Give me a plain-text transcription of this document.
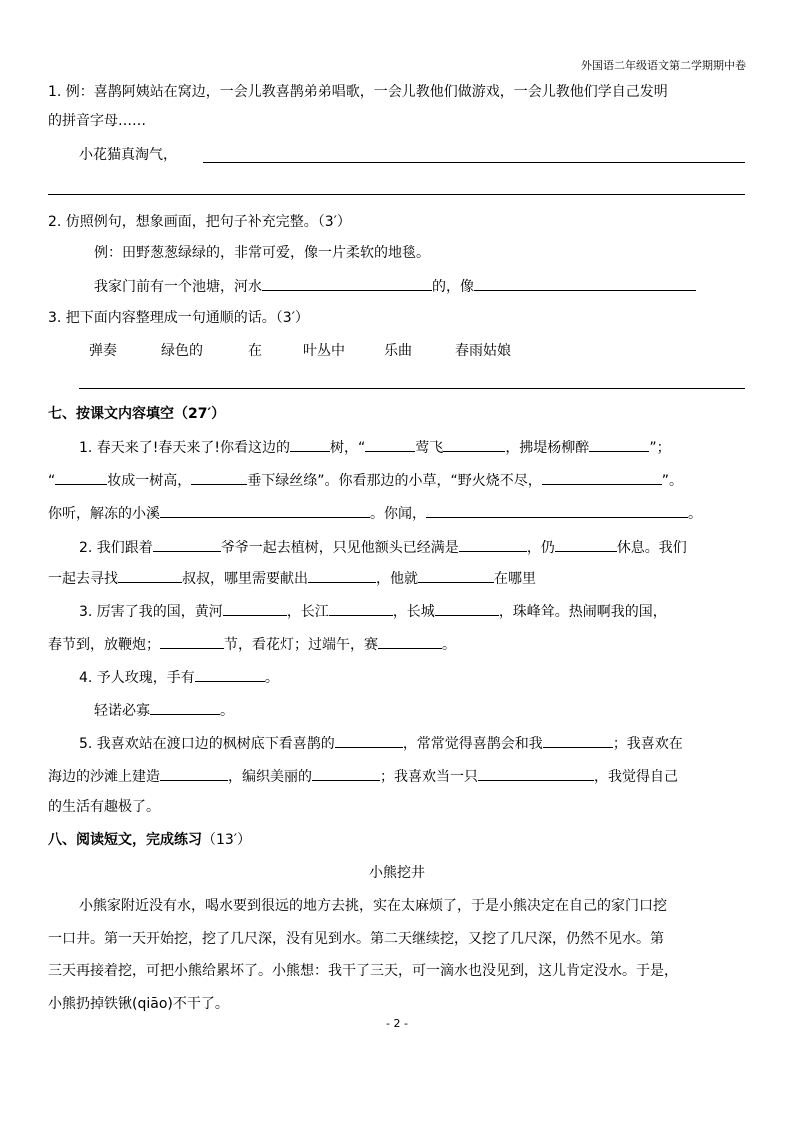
外国语二年级语文第二学期期中卷
1. 例：喜鹊阿姨站在窝边，一会儿教喜鹊弟弟唱歌，一会儿教他们做游戏，一会儿教他们学自己发明
的拼音字母……
小花猫真淘气，
2. 仿照例句，想象画面，把句子补充完整。（3′）
例：田野葱葱绿绿的，非常可爱，像一片柔软的地毯。
我家门前有一个池塘，河水	的，像
3. 把下面内容整理成一句通顺的话。（3′）
弹奏	绿色的	在	叶丛中	乐曲	春雨姑娘
七、按课文内容填空（27′）
1. 春天来了!春天来了!你看这边的	树，“	莺飞	，拂堤杨柳醉	”；
“	妆成一树高，	垂下绿丝绦”。你看那边的小草，“野火烧不尽，	”。
你听，解冻的小溪	。你闻，	。
2. 我们跟着	爷爷一起去植树，只见他额头已经满是	，仍	休息。我们
一起去寻找	叔叔，哪里需要献出	，他就	在哪里
3. 厉害了我的国，黄河	，长江	，长城	，珠峰耸。热闹啊我的国，
春节到，放鞭炮；	节，看花灯；过端午，赛	。
4. 予人玫瑰，手有	。
轻诺必寡	。
5. 我喜欢站在渡口边的枫树底下看喜鹊的	，常常觉得喜鹊会和我	；我喜欢在
海边的沙滩上建造	，编织美丽的	；我喜欢当一只	，我觉得自己
的生活有趣极了。
八、阅读短文，完成练习（13′）
小熊挖井
小熊家附近没有水，喝水要到很远的地方去挑，实在太麻烦了，于是小熊决定在自己的家门口挖
一口井。第一天开始挖，挖了几尺深，没有见到水。第二天继续挖，又挖了几尺深，仍然不见水。第
三天再接着挖，可把小熊给累坏了。小熊想：我干了三天，可一滴水也没见到，这儿肯定没水。于是，
小熊扔掉铁锹(qiāo)不干了。
- 2 -
